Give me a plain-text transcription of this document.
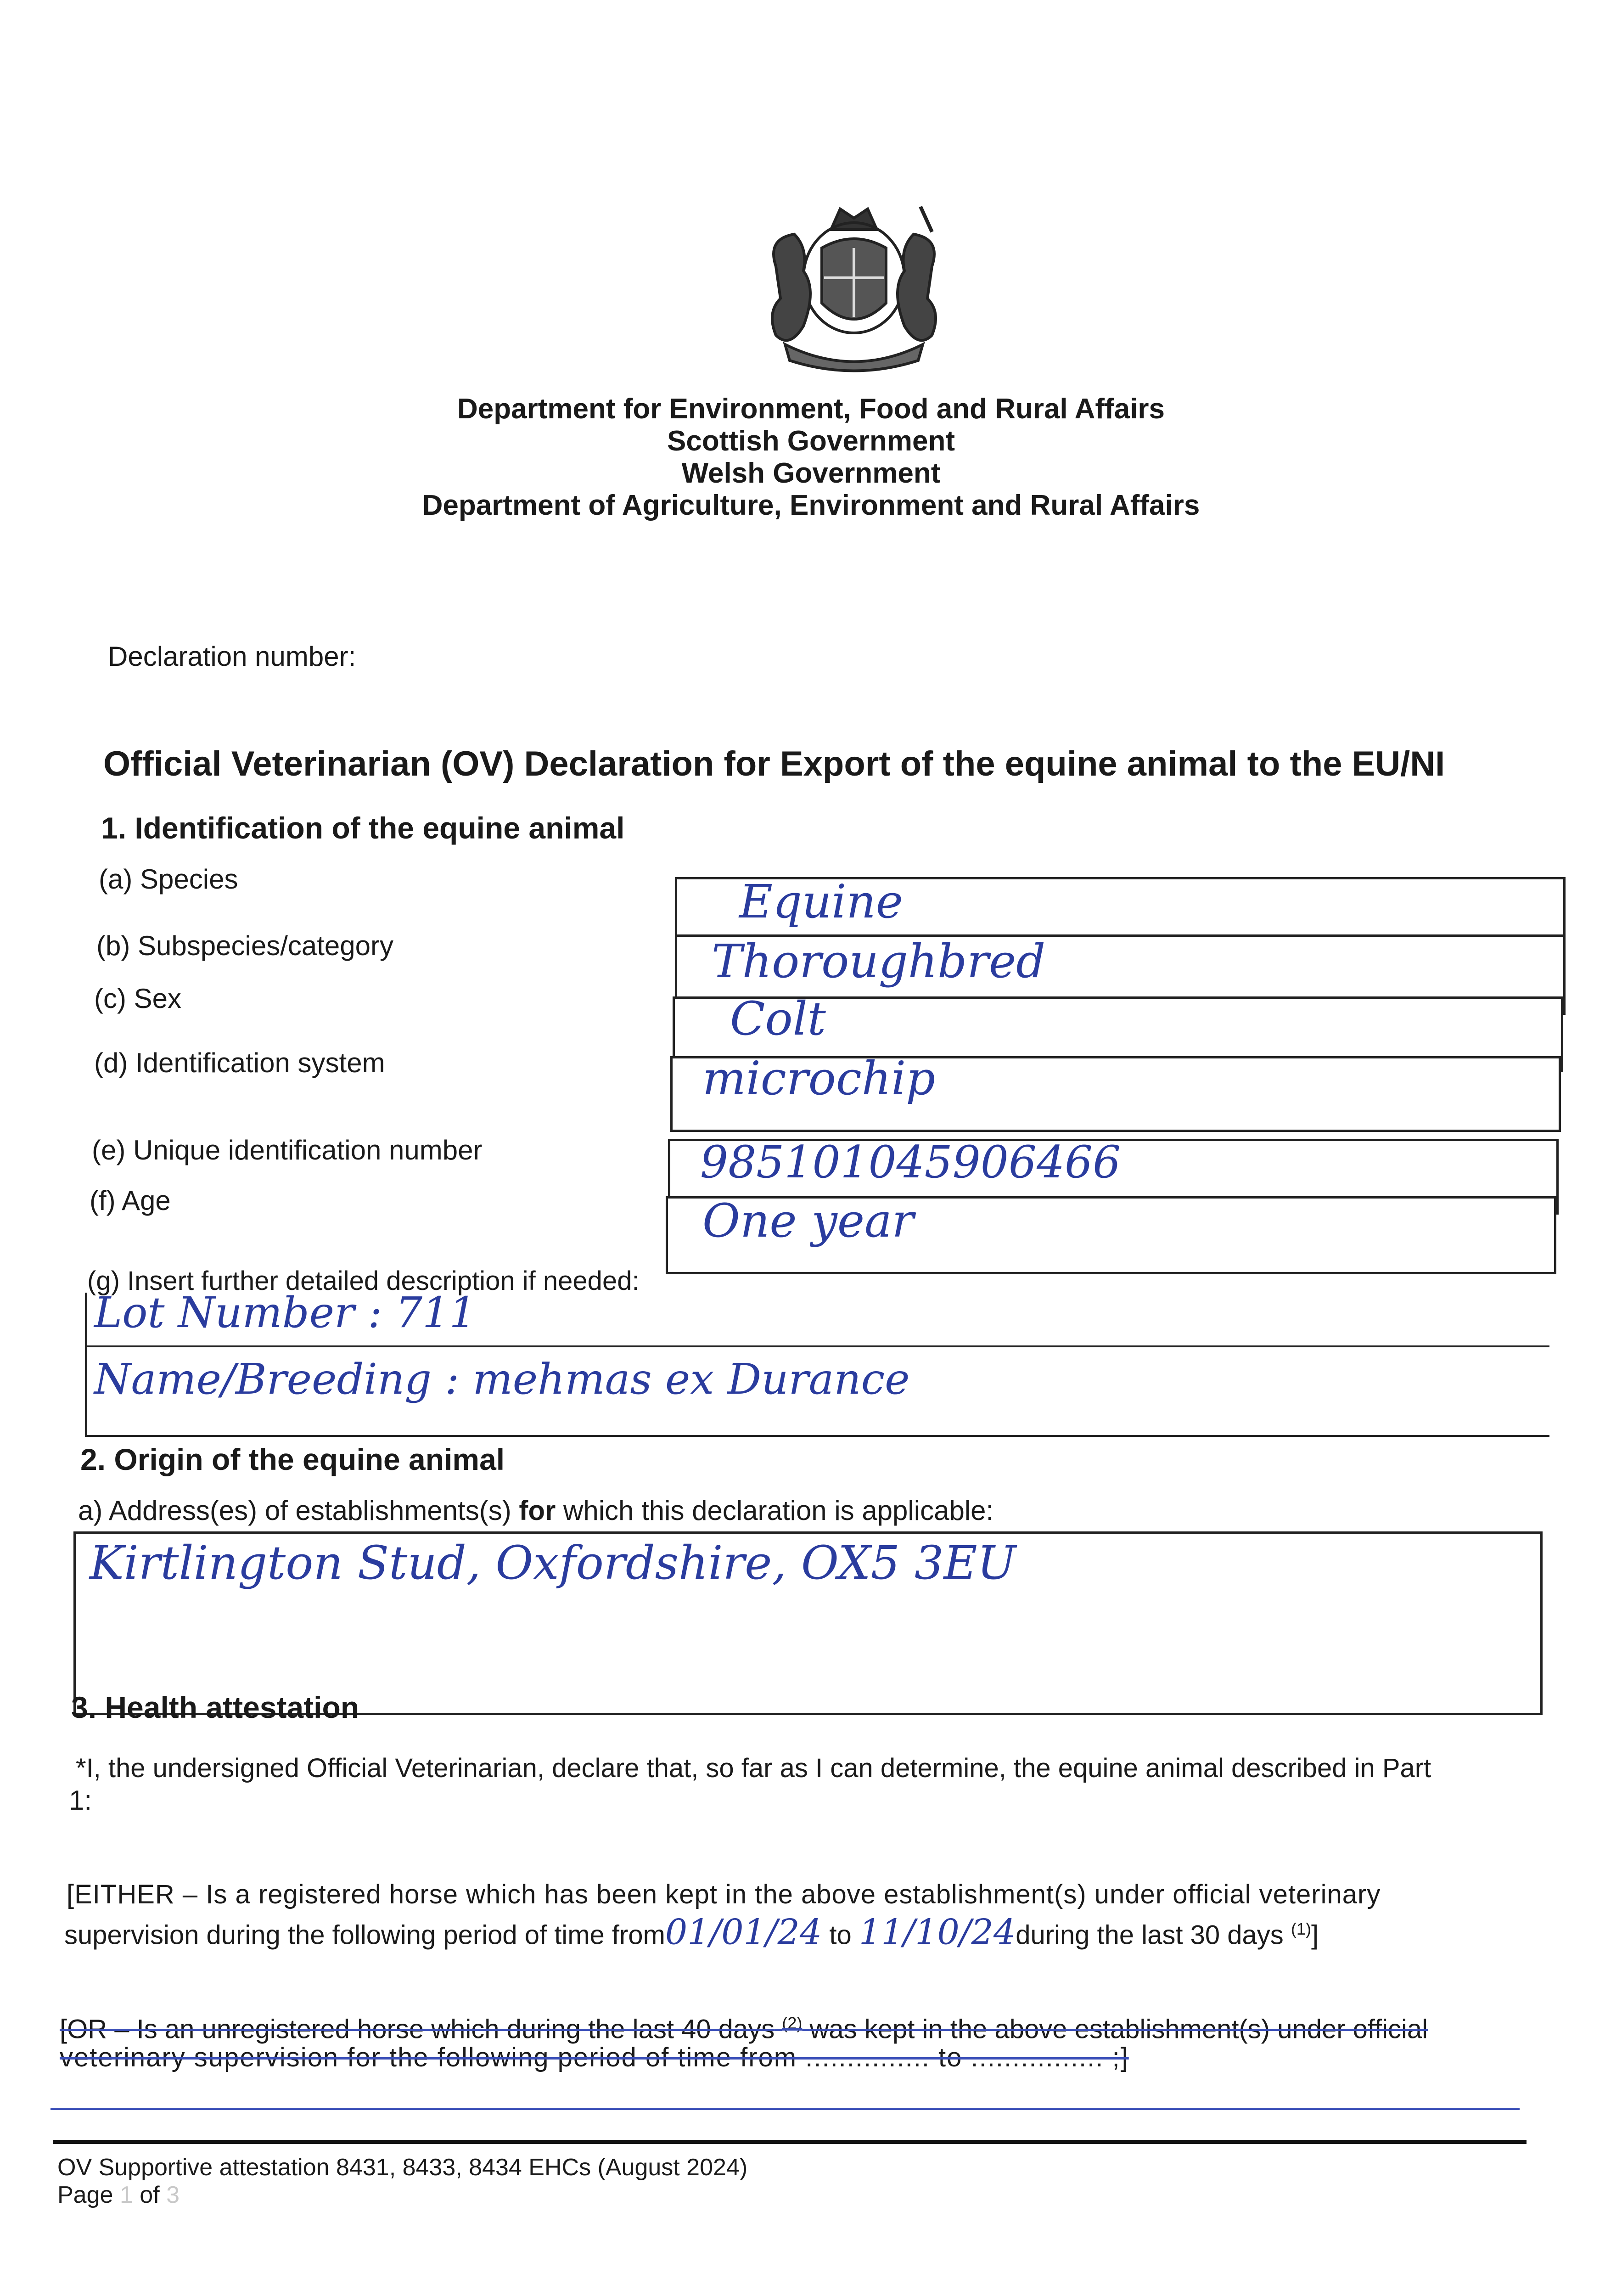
Department for Environment, Food and Rural Affairs
Scottish Government
Welsh Government
Department of Agriculture, Environment and Rural Affairs
Declaration number:
Official Veterinarian (OV) Declaration for Export of the equine animal to the EU/NI
1. Identification of the equine animal
(a) Species
(b) Subspecies/category
(c) Sex
(d) Identification system
(e) Unique identification number
(f) Age
Equine
Thoroughbred
Colt
microchip
985101045906466
One year
(g) Insert further detailed description if needed:
Lot Number : 711
Name/Breeding : mehmas ex Durance
2. Origin of the equine animal
a) Address(es) of establishments(s) for which this declaration is applicable:
Kirtlington Stud, Oxfordshire, OX5 3EU
3. Health attestation
*I, the undersigned Official Veterinarian, declare that, so far as I can determine, the equine animal described in Part
1:
[EITHER – Is a registered horse which has been kept in the above establishment(s) under official veterinary
supervision during the following period of time from01/01/24 to 11/10/24during the last 30 days $^{(1)}$]
[OR – Is an unregistered horse which during the last 40 days $^{(2)}$ was kept in the above establishment(s) under official
veterinary supervision for the following period of time from ............... to ................ ;]
OV Supportive attestation 8431, 8433, 8434 EHCs (August 2024)
Page 1 of 3
